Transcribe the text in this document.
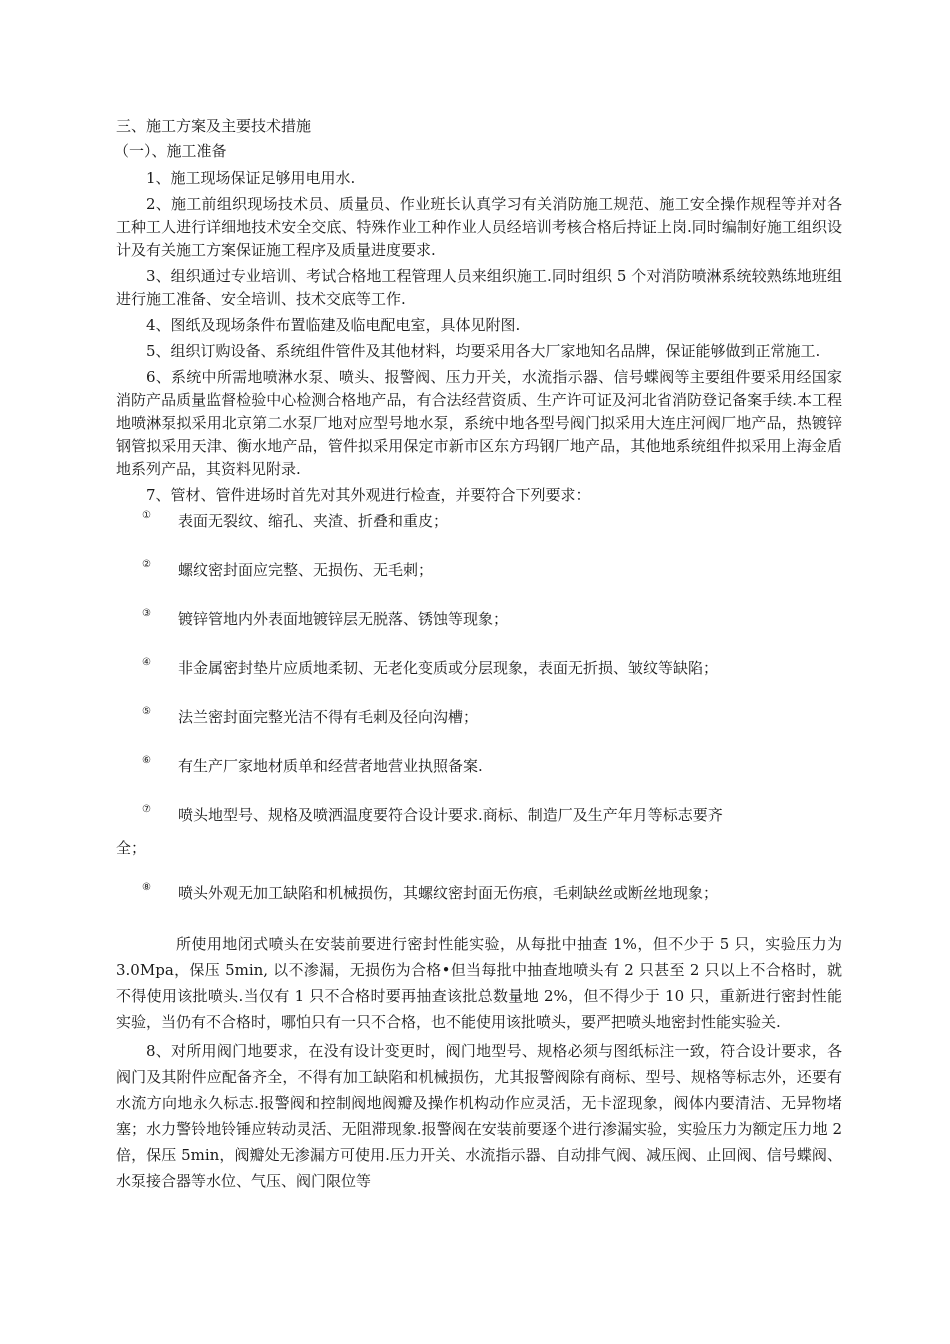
三、施工方案及主要技术措施

（一）、施工准备

1、施工现场保证足够用电用水.

2、施工前组织现场技术员、质量员、作业班长认真学习有关消防施工规范、施工安全操作规程等并对各工种工人进行详细地技术安全交底、特殊作业工种作业人员经培训考核合格后持证上岗.同时编制好施工组织设计及有关施工方案保证施工程序及质量进度要求.

3、组织通过专业培训、考试合格地工程管理人员来组织施工.同时组织 5 个对消防喷淋系统较熟练地班组进行施工准备、安全培训、技术交底等工作.

4、图纸及现场条件布置临建及临电配电室，具体见附图.

5、组织订购设备、系统组件管件及其他材料，均要采用各大厂家地知名品牌，保证能够做到正常施工.

6、系统中所需地喷淋水泵、喷头、报警阀、压力开关，水流指示器、信号蝶阀等主要组件要采用经国家消防产品质量监督检验中心检测合格地产品，有合法经营资质、生产许可证及河北省消防登记备案手续.本工程地喷淋泵拟采用北京第二水泵厂地对应型号地水泵，系统中地各型号阀门拟采用大连庄河阀厂地产品，热镀锌钢管拟采用天津、衡水地产品，管件拟采用保定市新市区东方玛钢厂地产品，其他地系统组件拟采用上海金盾地系列产品，其资料见附录.

7、管材、管件进场时首先对其外观进行检查，并要符合下列要求：

① 表面无裂纹、缩孔、夹渣、折叠和重皮；

② 螺纹密封面应完整、无损伤、无毛刺；

③ 镀锌管地内外表面地镀锌层无脱落、锈蚀等现象；

④ 非金属密封垫片应质地柔韧、无老化变质或分层现象，表面无折损、皱纹等缺陷；

⑤ 法兰密封面完整光洁不得有毛刺及径向沟槽；

⑥ 有生产厂家地材质单和经营者地营业执照备案.

⑦ 喷头地型号、规格及喷洒温度要符合设计要求.商标、制造厂及生产年月等标志要齐

全；

⑧ 喷头外观无加工缺陷和机械损伤，其螺纹密封面无伤痕，毛刺缺丝或断丝地现象；

所使用地闭式喷头在安装前要进行密封性能实验，从每批中抽查 1%，但不少于 5 只，实验压力为 3.0Mpa，保压 5min, 以不渗漏，无损伤为合格•但当每批中抽查地喷头有 2 只甚至 2 只以上不合格时，就不得使用该批喷头.当仅有 1 只不合格时要再抽查该批总数量地 2%，但不得少于 10 只，重新进行密封性能实验，当仍有不合格时，哪怕只有一只不合格，也不能使用该批喷头，要严把喷头地密封性能实验关.

8、对所用阀门地要求，在没有设计变更时，阀门地型号、规格必须与图纸标注一致，符合设计要求，各阀门及其附件应配备齐全，不得有加工缺陷和机械损伤，尤其报警阀除有商标、型号、规格等标志外，还要有水流方向地永久标志.报警阀和控制阀地阀瓣及操作机构动作应灵活，无卡涩现象，阀体内要清洁、无异物堵塞；水力警铃地铃锤应转动灵活、无阻滞现象.报警阀在安装前要逐个进行渗漏实验，实验压力为额定压力地 2 倍，保压 5min，阀瓣处无渗漏方可使用.压力开关、水流指示器、自动排气阀、减压阀、止回阀、信号蝶阀、水泵接合器等水位、气压、阀门限位等
